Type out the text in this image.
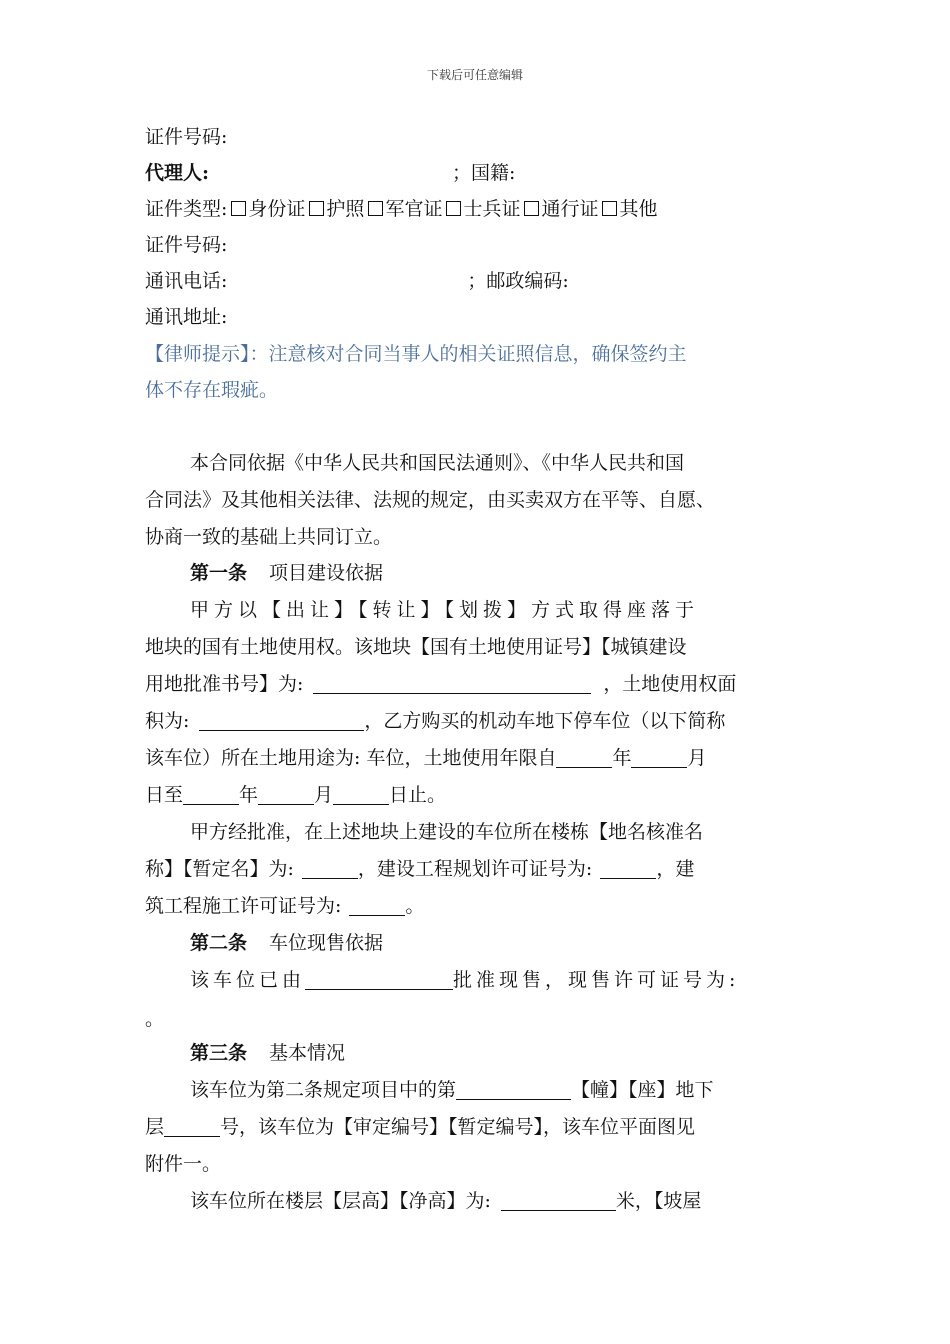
下载后可任意编辑
证件号码:
代理人:	；国籍:
证件类型: 身份证 护照 军官证 士兵证 通行证 其他
证件号码:
通讯电话:	；邮政编码:
通讯地址:
【律师提示】：注意核对合同当事人的相关证照信息，确保签约主
体不存在瑕疵。
本合同依据《中华人民共和国民法通则》、《中华人民共和国
合同法》及其他相关法律、法规的规定，由买卖双方在平等、自愿、
协商一致的基础上共同订立。
第一条 项目建设依据
甲方以【出让】【转让】【划拨】方式取得座落于
地块的国有土地使用权。该地块【国有土地使用证号】【城镇建设
用地批准书号】为:	，土地使用权面
积为:	，乙方购买的机动车地下停车位（以下简称
该车位）所在土地用途为: 车位，土地使用年限自	年	月
日至	年	月	日止。
甲方经批准，在上述地块上建设的车位所在楼栋【地名核准名
称】【暂定名】为:	，建设工程规划许可证号为:	，建
筑工程施工许可证号为:	。
第二条 车位现售依据
该车位已由	批准现售，现售许可证号为:
。
第三条 基本情况
该车位为第二条规定项目中的第	【幢】【座】地下
层	号，该车位为【审定编号】【暂定编号】，该车位平面图见
附件一。
该车位所在楼层【层高】【净高】为:	米，【坡屋
